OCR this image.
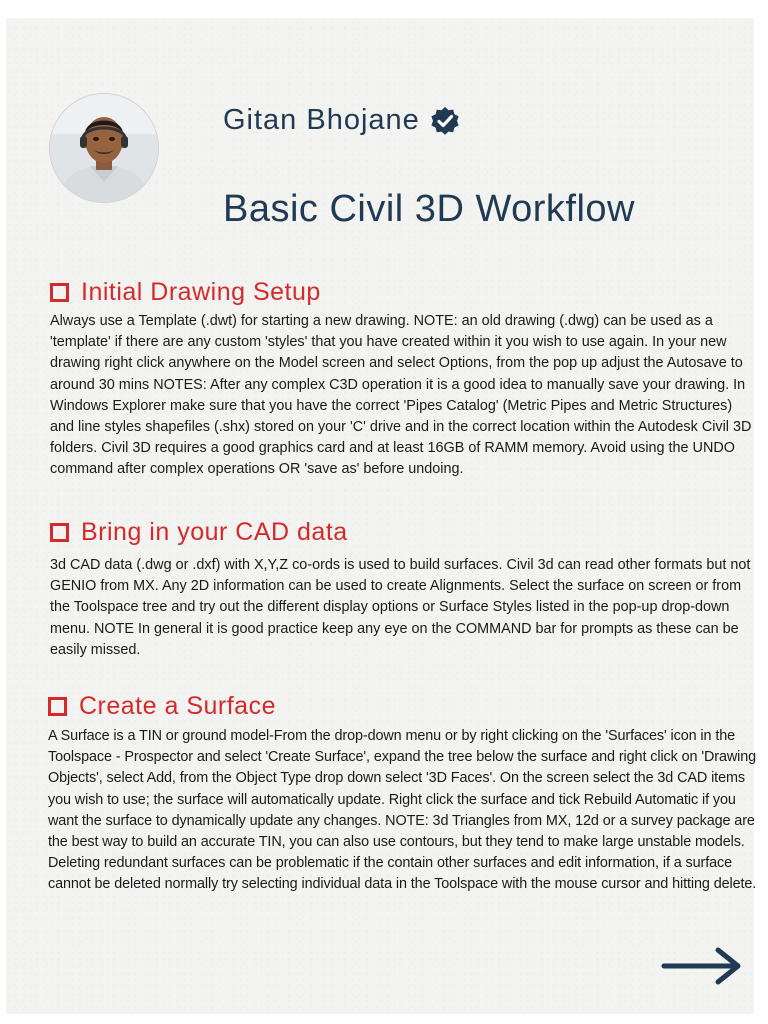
Gitan Bhojane
Basic Civil 3D Workflow
Initial Drawing Setup

Always use a Template (.dwt) for starting a new drawing. NOTE: an old drawing (.dwg) can be used as a 'template' if there are any custom 'styles' that you have created within it you wish to use again. In your new drawing right click anywhere on the Model screen and select Options, from the pop up adjust the Autosave to around 30 mins NOTES: After any complex C3D operation it is a good idea to manually save your drawing. In Windows Explorer make sure that you have the correct 'Pipes Catalog' (Metric Pipes and Metric Structures) and line styles shapefiles (.shx) stored on your 'C' drive and in the correct location within the Autodesk Civil 3D folders. Civil 3D requires a good graphics card and at least 16GB of RAMM memory. Avoid using the UNDO command after complex operations OR 'save as' before undoing.

Bring in your CAD data

3d CAD data (.dwg or .dxf) with X,Y,Z co-ords is used to build surfaces. Civil 3d can read other formats but not GENIO from MX. Any 2D information can be used to create Alignments. Select the surface on screen or from the Toolspace tree and try out the different display options or Surface Styles listed in the pop-up drop-down menu. NOTE In general it is good practice keep any eye on the COMMAND bar for prompts as these can be easily missed.

Create a Surface

A Surface is a TIN or ground model-From the drop-down menu or by right clicking on the 'Surfaces' icon in the Toolspace - Prospector and select 'Create Surface', expand the tree below the surface and right click on 'Drawing Objects', select Add, from the Object Type drop down select '3D Faces'. On the screen select the 3d CAD items you wish to use; the surface will automatically update. Right click the surface and tick Rebuild Automatic if you want the surface to dynamically update any changes. NOTE: 3d Triangles from MX, 12d or a survey package are the best way to build an accurate TIN, you can also use contours, but they tend to make large unstable models. Deleting redundant surfaces can be problematic if the contain other surfaces and edit information, if a surface cannot be deleted normally try selecting individual data in the Toolspace with the mouse cursor and hitting delete.
